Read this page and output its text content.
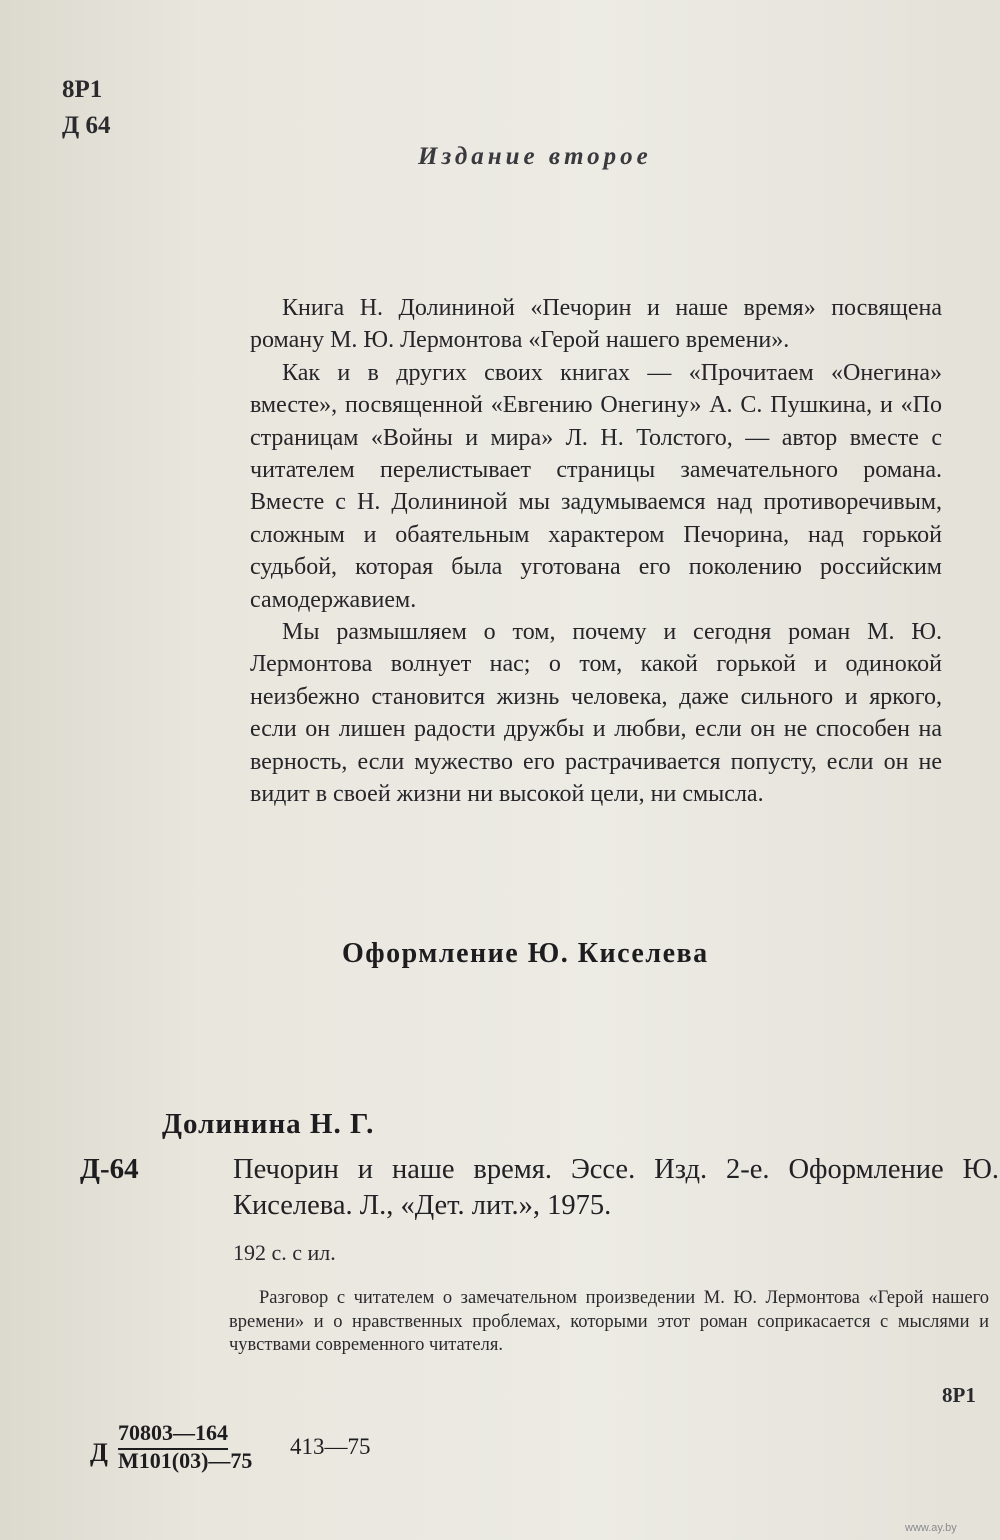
8Р1
Д 64
Издание второе

Книга Н. Долининой «Печорин и наше время» посвящена роману М. Ю. Лермонтова «Герой нашего времени».

Как и в других своих книгах — «Прочитаем «Онегина» вместе», посвященной «Евгению Онегину» А. С. Пушкина, и «По страницам «Войны и мира» Л. Н. Толстого, — автор вместе с читателем перелистывает страницы замечательного романа. Вместе с Н. Долининой мы задумываемся над противоречивым, сложным и обаятельным характером Печорина, над горькой судьбой, которая была уготована его поколению российским самодержавием.

Мы размышляем о том, почему и сегодня роман М. Ю. Лермонтова волнует нас; о том, какой горькой и одинокой неизбежно становится жизнь человека, даже сильного и яркого, если он лишен радости дружбы и любви, если он не способен на верность, если мужество его растрачивается попусту, если он не видит в своей жизни ни высокой цели, ни смысла.

Оформление Ю. Киселева
Долинина Н. Г.
Д-64	Печорин и наше время. Эссе. Изд. 2-е. Оформление Ю. Киселева. Л., «Дет. лит.», 1975.
192 с. с ил.

Разговор с читателем о замечательном произведении М. Ю. Лермонтова «Герой нашего времени» и о нравственных проблемах, которыми этот роман соприкасается с мыслями и чувствами современного читателя.

8Р1
Д
70803—164
М101(03)—75
413—75
www.ay.by
